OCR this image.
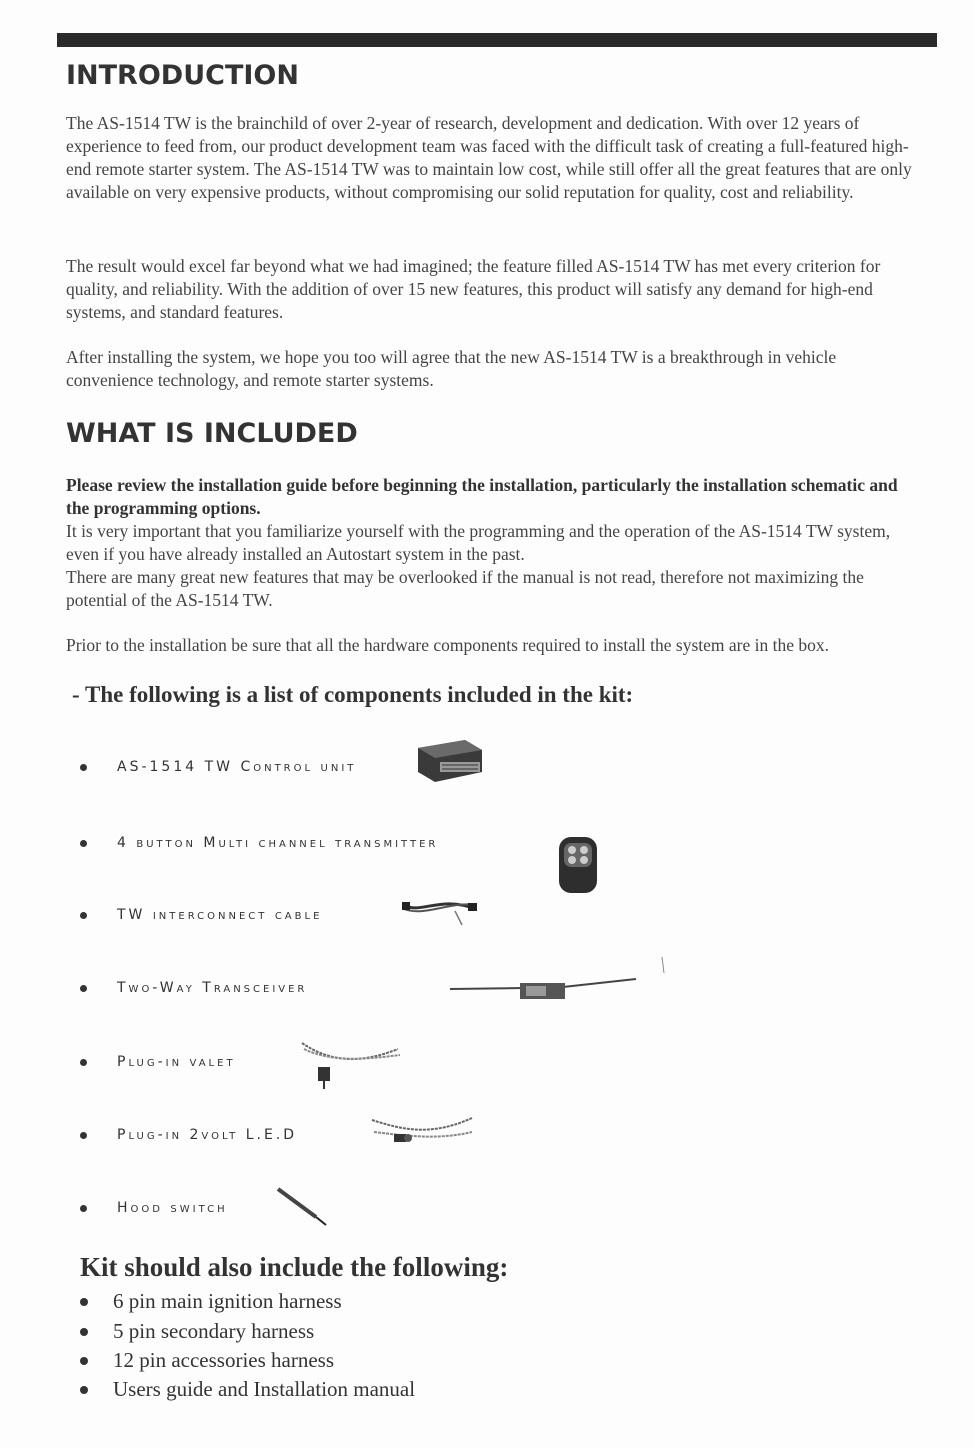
INTRODUCTION

The AS-1514 TW is the brainchild of over 2-year of research, development and dedication. With over 12 years of experience to feed from, our product development team was faced with the difficult task of creating a full-featured high-end remote starter system. The AS-1514 TW was to maintain low cost, while still offer all the great features that are only available on very expensive products, without compromising our solid reputation for quality, cost and reliability.

The result would excel far beyond what we had imagined; the feature filled AS-1514 TW has met every criterion for quality, and reliability. With the addition of over 15 new features, this product will satisfy any demand for high-end systems, and standard features.

After installing the system, we hope you too will agree that the new AS-1514 TW is a breakthrough in vehicle convenience technology, and remote starter systems.

WHAT IS INCLUDED

Please review the installation guide before beginning the installation, particularly the installation schematic and the programming options.

It is very important that you familiarize yourself with the programming and the operation of the AS-1514 TW system, even if you have already installed an Autostart system in the past.

There are many great new features that may be overlooked if the manual is not read, therefore not maximizing the potential of the AS-1514 TW.

Prior to the installation be sure that all the hardware components required to install the system are in the box.

- The following is a list of components included in the kit:

AS-1514 TW Control unit
4 button Multi channel transmitter
TW interconnect cable
Two-Way Transceiver
Plug-in valet
Plug-in 2volt L.E.D
Hood switch

Kit should also include the following:

6 pin main ignition harness
5 pin secondary harness
12 pin accessories harness
Users guide and Installation manual
